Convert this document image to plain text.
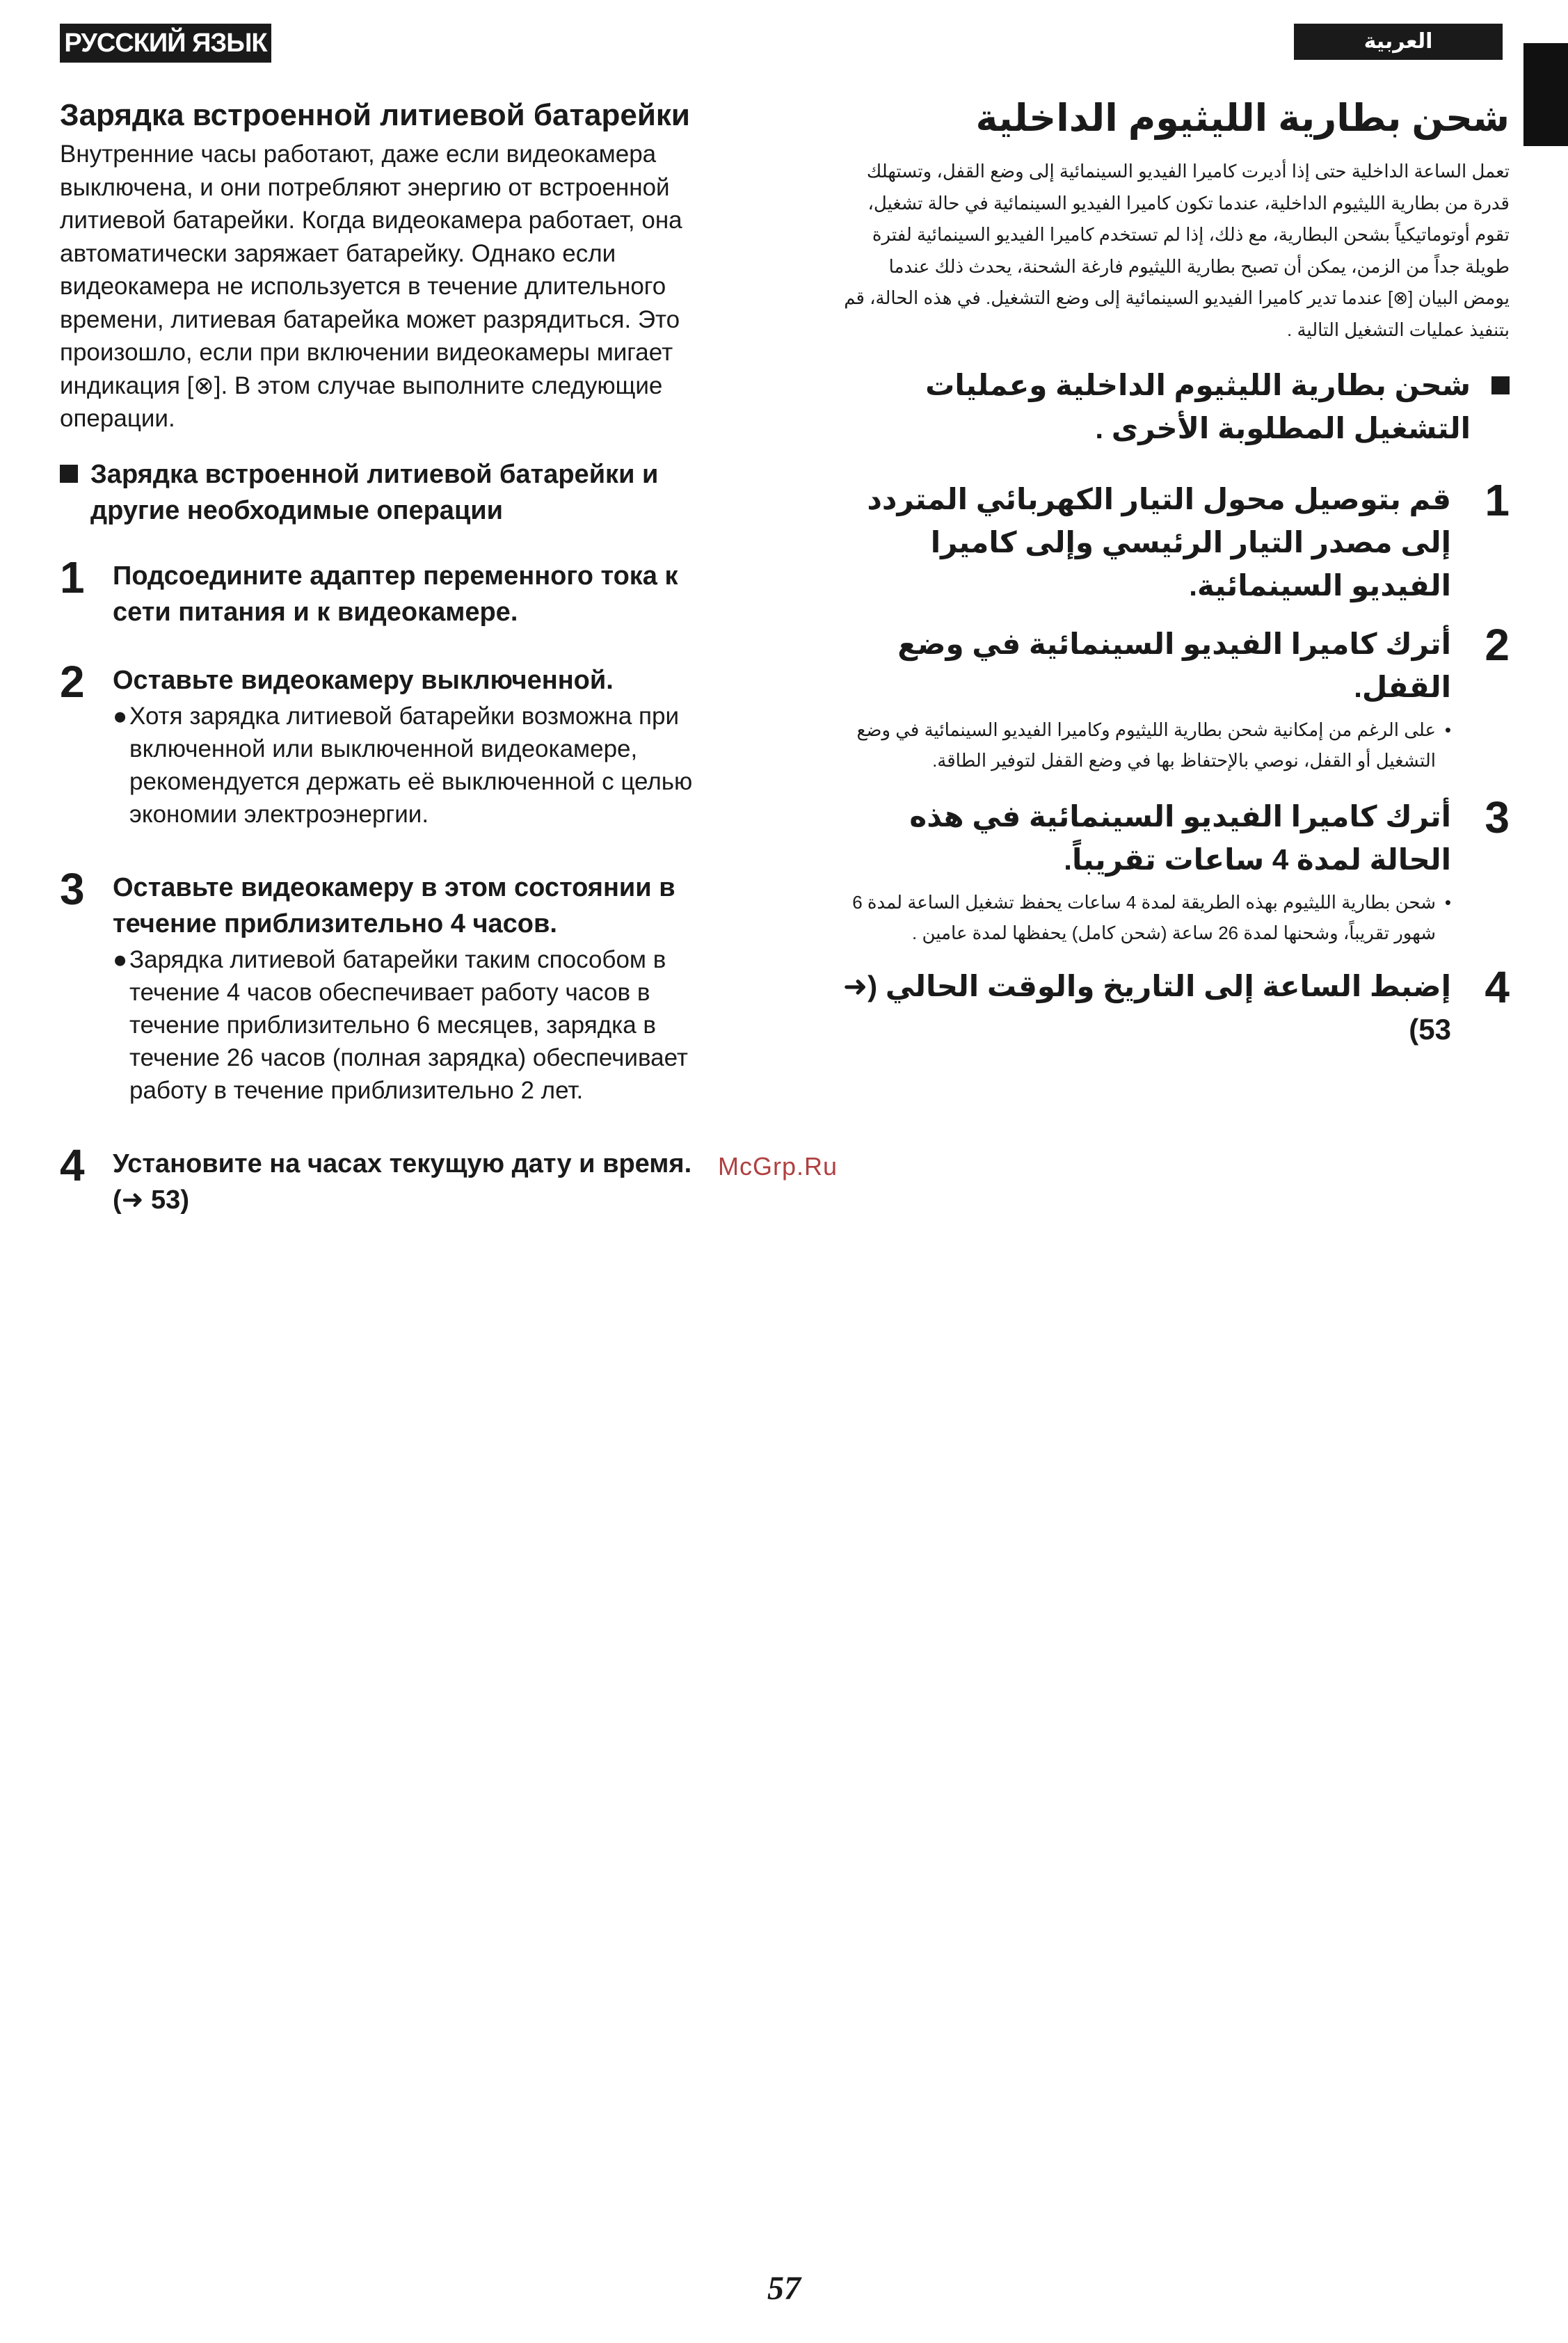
РУССКИЙ ЯЗЫК	العربية
Зарядка встроенной литиевой батарейки

Внутренние часы работают, даже если видеокамера выключена, и они потребляют энергию от встроенной литиевой батарейки. Когда видеокамера работает, она автоматически заряжает батарейку. Однако если видеокамера не используется в течение длительного времени, литиевая батарейка может разрядиться. Это произошло, если при включении видеокамеры мигает индикация [⊗]. В этом случае выполните следующие операции.

Зарядка встроенной литиевой батарейки и другие необходимые операции
1 Подсоедините адаптер переменного тока к сети питания и к видеокамере.

2 Оставьте видеокамеру выключенной.

● Хотя зарядка литиевой батарейки возможна при включенной или выключенной видеокамере, рекомендуется держать её выключенной с целью экономии электроэнергии.

3 Оставьте видеокамеру в этом состоянии в течение приблизительно 4 часов.

● Зарядка литиевой батарейки таким способом в течение 4 часов обеспечивает работу часов в течение приблизительно 6 месяцев, зарядка в течение 26 часов (полная зарядка) обеспечивает работу в течение приблизительно 2 лет.

4 Установите на часах текущую дату и время. (➜ 53)

شحن بطارية الليثيوم الداخلية

تعمل الساعة الداخلية حتى إذا أديرت كاميرا الفيديو السينمائية إلى وضع القفل، وتستهلك قدرة من بطارية الليثيوم الداخلية، عندما تكون كاميرا الفيديو السينمائية في حالة تشغيل، تقوم أوتوماتيكياً بشحن البطارية، مع ذلك، إذا لم تستخدم كاميرا الفيديو السينمائية لفترة طويلة جداً من الزمن، يمكن أن تصبح بطارية الليثيوم فارغة الشحنة، يحدث ذلك عندما يومض البيان [⊗] عندما تدير كاميرا الفيديو السينمائية إلى وضع التشغيل. في هذه الحالة، قم بتنفيذ عمليات التشغيل التالية .

شحن بطارية الليثيوم الداخلية وعمليات التشغيل المطلوبة الأخرى .
1

قم بتوصيل محول التيار الكهربائي المتردد إلى مصدر التيار الرئيسي وإلى كاميرا الفيديو السينمائية.

2

أترك كاميرا الفيديو السينمائية في وضع القفل.

•
على الرغم من إمكانية شحن بطارية الليثيوم وكاميرا الفيديو السينمائية في وضع التشغيل أو القفل، نوصي بالإحتفاظ بها في وضع القفل لتوفير الطاقة.

3

أترك كاميرا الفيديو السينمائية في هذه الحالة لمدة 4 ساعات تقريباً.

•
شحن بطارية الليثيوم بهذه الطريقة لمدة 4 ساعات يحفظ تشغيل الساعة لمدة 6 شهور تقريباً، وشحنها لمدة 26 ساعة (شحن كامل) يحفظها لمدة عامين .

4

إضبط الساعة إلى التاريخ والوقت الحالي (➜ 53)

McGrp.Ru
57
